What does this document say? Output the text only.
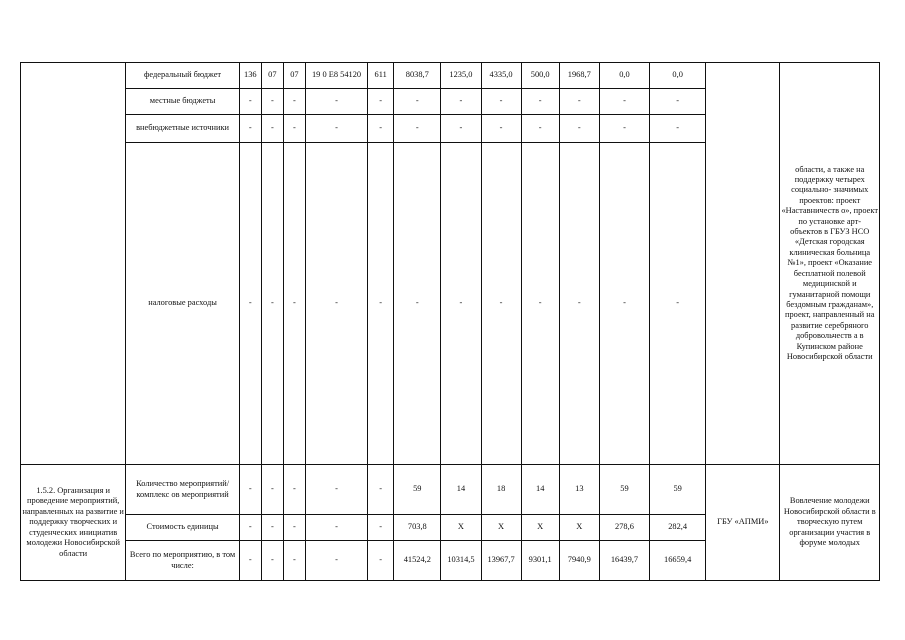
	федеральный бюджет	136	07	07	19 0 Е8 54120	611	8038,7	1235,0	4335,0	500,0	1968,7	0,0	0,0		области, а также на поддержку четырех социально- значимых проектов: проект «Наставничеств о», проект по установке арт- объектов в ГБУЗ НСО «Детская городская клиническая больница №1», проект «Оказание бесплатной полевой медицинской и гуманитарной помощи бездомным гражданам», проект, направленный на развитие серебряного добровольчеств а в Купинском районе Новосибирской области
	местные бюджеты	-	-	-	-	-	-	-	-	-	-	-	-		
	внебюджетные источники	-	-	-	-	-	-	-	-	-	-	-	-		
	налоговые расходы	-	-	-	-	-	-	-	-	-	-	-	-		
1.5.2. Организация и проведение мероприятий, направленных на развитие и поддержку творческих и студенческих инициатив молодежи Новосибирской области	Количество мероприятий/комплекс ов мероприятий	-	-	-	-	-	59	14	18	14	13	59	59	ГБУ «АПМИ»	Вовлечение молодежи Новосибирской области в творческую путем организации участия в форуме молодых
	Стоимость единицы	-	-	-	-	-	703,8	X	X	X	X	278,6	282,4		
	Всего по мероприятию, в том числе:	-	-	-	-	-	41524,2	10314,5	13967,7	9301,1	7940,9	16439,7	16659,4		
